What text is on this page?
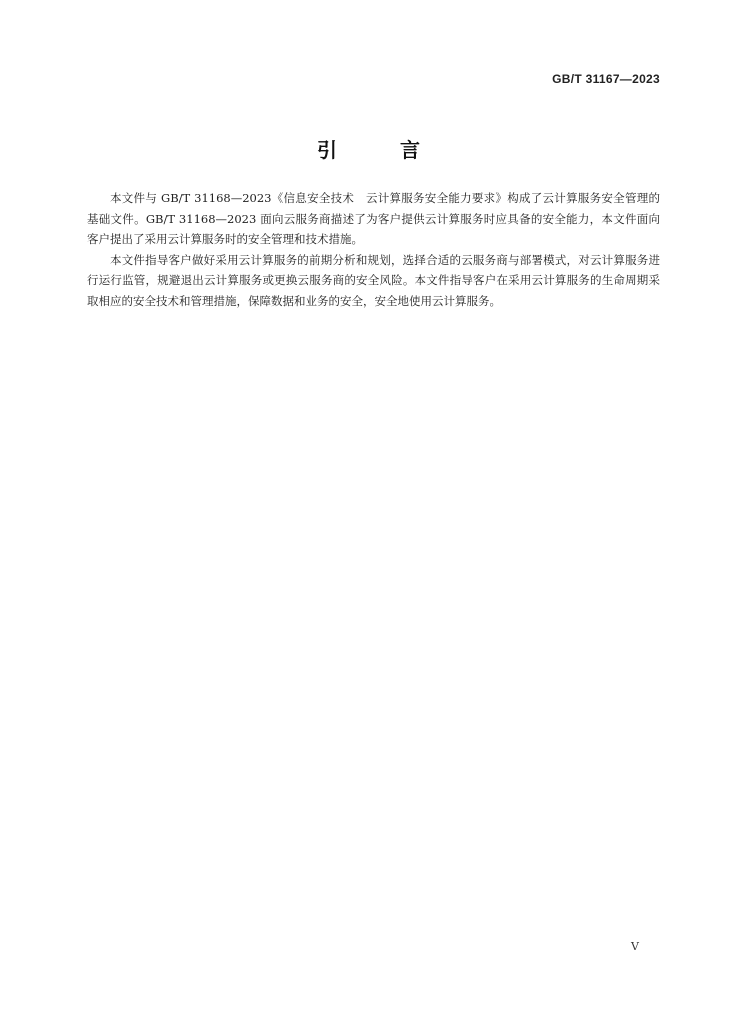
GB/T 31167—2023
引 言

本文件与 GB/T 31168—2023《信息安全技术　云计算服务安全能力要求》构成了云计算服务安全管理的基础文件。GB/T 31168—2023 面向云服务商描述了为客户提供云计算服务时应具备的安全能力，本文件面向客户提出了采用云计算服务时的安全管理和技术措施。

本文件指导客户做好采用云计算服务的前期分析和规划，选择合适的云服务商与部署模式，对云计算服务进行运行监管，规避退出云计算服务或更换云服务商的安全风险。本文件指导客户在采用云计算服务的生命周期采取相应的安全技术和管理措施，保障数据和业务的安全，安全地使用云计算服务。

V
